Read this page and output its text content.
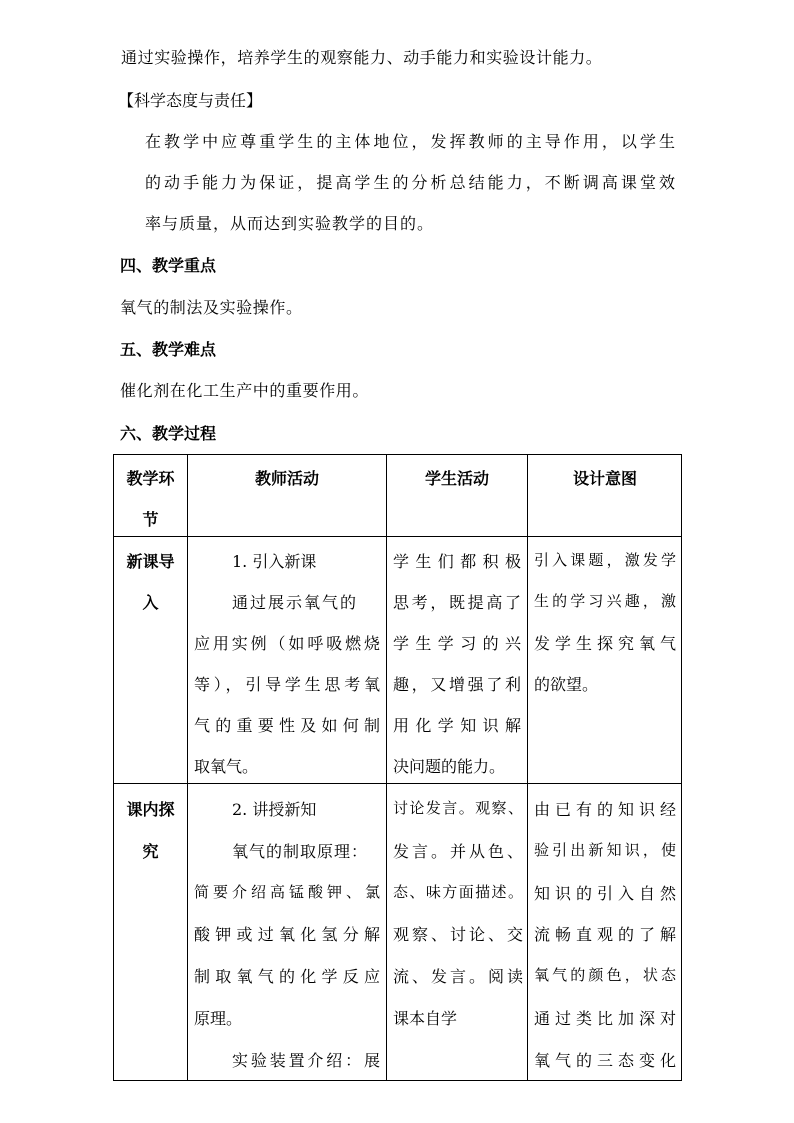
通过实验操作，培养学生的观察能力、动手能力和实验设计能力。
【科学态度与责任】
在教学中应尊重学生的主体地位，发挥教师的主导作用，以学生
的动手能力为保证，提高学生的分析总结能力，不断调高课堂效
率与质量，从而达到实验教学的目的。
四、教学重点
氧气的制法及实验操作。
五、教学难点
催化剂在化工生产中的重要作用。
六、教学过程
教学环
节
教师活动	学生活动	设计意图
新课导
入
1. 引入新课
通过展示氧气的
应用实例（如呼吸燃烧
等），引导学生思考氧
气的重要性及如何制
取氧气。
学生们都积极
思考，既提高了
学生学习的兴
趣，又增强了利
用化学知识解
决问题的能力。
引入课题，激发学
生的学习兴趣，激
发学生探究氧气
的欲望。
课内探
究
2. 讲授新知
氧气的制取原理：
简要介绍高锰酸钾、氯
酸钾或过氧化氢分解
制取氧气的化学反应
原理。
实验装置介绍：展
讨论发言。观察、
发言。并从色、
态、味方面描述。
观察、讨论、交
流、发言。阅读
课本自学
由已有的知识经
验引出新知识，使
知识的引入自然
流畅直观的了解
氧气的颜色，状态
通过类比加深对
氧气的三态变化
